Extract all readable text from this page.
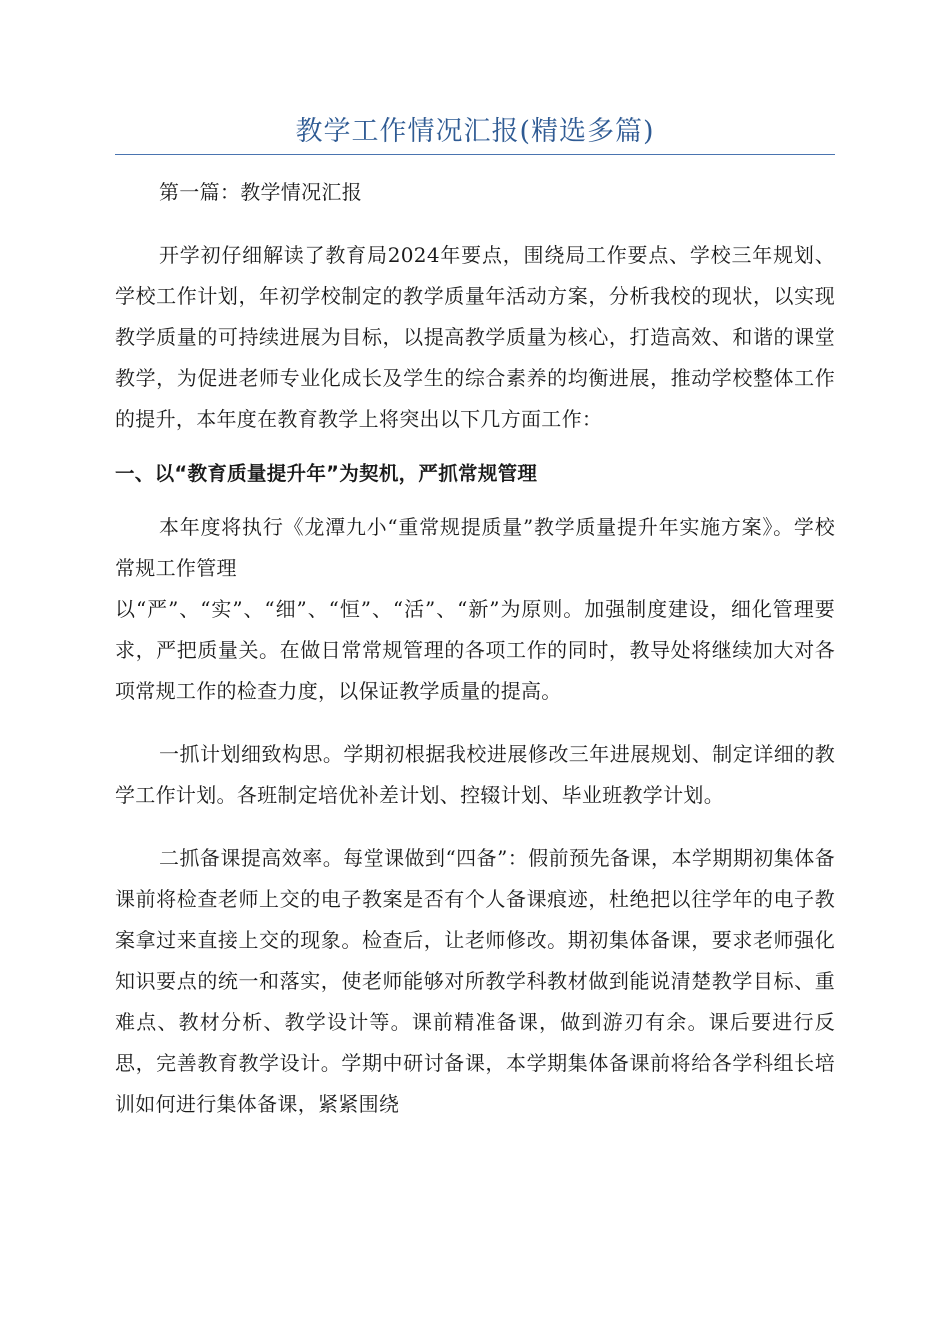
教学工作情况汇报(精选多篇)

第一篇：教学情况汇报

开学初仔细解读了教育局2024年要点，围绕局工作要点、学校三年规划、学校工作计划，年初学校制定的教学质量年活动方案，分析我校的现状，以实现教学质量的可持续进展为目标，以提高教学质量为核心，打造高效、和谐的课堂教学，为促进老师专业化成长及学生的综合素养的均衡进展，推动学校整体工作的提升，本年度在教育教学上将突出以下几方面工作：

一、以“教育质量提升年”为契机，严抓常规管理

本年度将执行《龙潭九小“重常规提质量”教学质量提升年实施方案》。学校常规工作管理

以“严”、“实”、“细”、“恒”、“活”、“新”为原则。加强制度建设，细化管理要求，严把质量关。在做日常常规管理的各项工作的同时，教导处将继续加大对各项常规工作的检查力度，以保证教学质量的提高。

一抓计划细致构思。学期初根据我校进展修改三年进展规划、制定详细的教学工作计划。各班制定培优补差计划、控辍计划、毕业班教学计划。

二抓备课提高效率。每堂课做到“四备”：假前预先备课，本学期期初集体备课前将检查老师上交的电子教案是否有个人备课痕迹，杜绝把以往学年的电子教案拿过来直接上交的现象。检查后，让老师修改。期初集体备课，要求老师强化知识要点的统一和落实，使老师能够对所教学科教材做到能说清楚教学目标、重难点、教材分析、教学设计等。课前精准备课，做到游刃有余。课后要进行反思，完善教育教学设计。学期中研讨备课，本学期集体备课前将给各学科组长培训如何进行集体备课，紧紧围绕
